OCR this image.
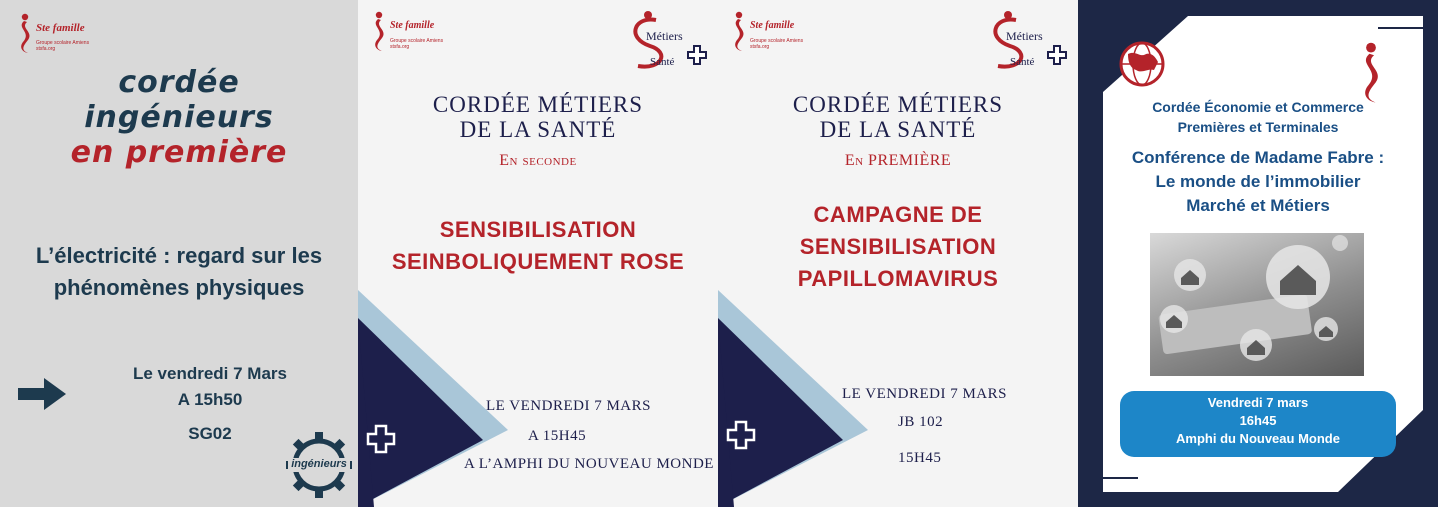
Ste famille
Groupe scolaire Amiens
stsfa.org
cordée
ingénieurs
en première
L’électricité : regard sur les
phénomènes physiques
Le vendredi 7 Mars
A 15h50
SG02
ingénieurs
Ste famille
Groupe scolaire Amiens
stsfa.org
Métiers
Santé
CORDÉE MÉTIERS
DE LA SANTÉ
En seconde
SENSIBILISATION
SEINBOLIQUEMENT ROSE
LE VENDREDI 7 MARS
A 15H45
A L’AMPHI DU NOUVEAU MONDE
Ste famille
Groupe scolaire Amiens
stsfa.org
Métiers
Santé
CORDÉE MÉTIERS
DE LA SANTÉ
En PREMIÈRE
CAMPAGNE DE
SENSIBILISATION
PAPILLOMAVIRUS
LE VENDREDI 7 MARS
JB 102
15H45
Cordée Économie et Commerce
Premières et Terminales
Conférence de Madame Fabre :
Le monde de l’immobilier
Marché et Métiers
Vendredi 7 mars
16h45
Amphi du Nouveau Monde
